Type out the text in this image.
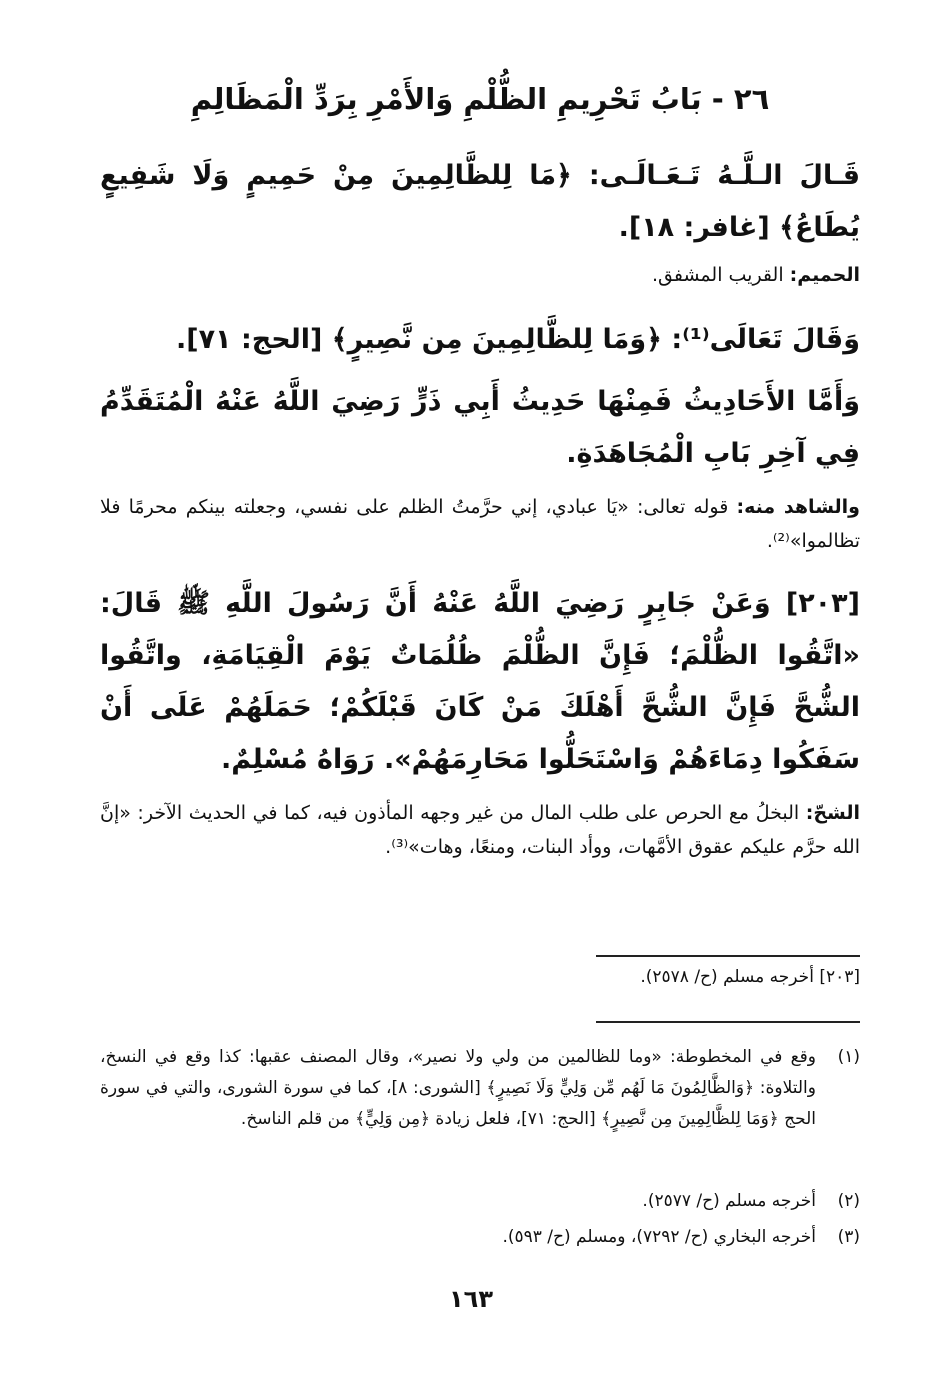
٢٦ - بَابُ تَحْرِيمِ الظُّلْمِ وَالأَمْرِ بِرَدِّ الْمَظَالِمِ

قَـالَ الـلَّـهُ تَـعَـالَـى: ﴿مَا لِلظَّالِمِينَ مِنْ حَمِيمٍ وَلَا شَفِيعٍ يُطَاعُ﴾ [غافر: ١٨].

الحميم: القريب المشفق.

وَقَالَ تَعَالَى⁽¹⁾: ﴿وَمَا لِلظَّالِمِينَ مِن نَّصِيرٍ﴾ [الحج: ٧١].

وَأَمَّا الأَحَادِيثُ فَمِنْهَا حَدِيثُ أَبِي ذَرٍّ رَضِيَ اللَّهُ عَنْهُ الْمُتَقَدِّمُ فِي آخِرِ بَابِ الْمُجَاهَدَةِ.

والشاهد منه: قوله تعالى: «يَا عبادي، إني حرَّمتُ الظلم على نفسي، وجعلته بينكم محرمًا فلا تظالموا»⁽²⁾.

[٢٠٣] وَعَنْ جَابِرٍ رَضِيَ اللَّهُ عَنْهُ أَنَّ رَسُولَ اللَّهِ ﷺ قَالَ: «اتَّقُوا الظُّلْمَ؛ فَإِنَّ الظُّلْمَ ظُلُمَاتٌ يَوْمَ الْقِيَامَةِ، واتَّقُوا الشُّحَّ فَإِنَّ الشُّحَّ أَهْلَكَ مَنْ كَانَ قَبْلَكُمْ؛ حَمَلَهُمْ عَلَى أَنْ سَفَكُوا دِمَاءَهُمْ وَاسْتَحَلُّوا مَحَارِمَهُمْ». رَوَاهُ مُسْلِمٌ.

الشحّ: البخلُ مع الحرص على طلب المال من غير وجهه المأذون فيه، كما في الحديث الآخر: «إنَّ الله حرَّم عليكم عقوق الأمَّهات، ووأد البنات، ومنعًا، وهات»⁽³⁾.

[٢٠٣] أخرجه مسلم (ح/ ٢٥٧٨).

(١)
وقع في المخطوطة: «وما للظالمين من ولي ولا نصير»، وقال المصنف عقبها: كذا وقع في النسخ، والتلاوة: ﴿وَالظَّالِمُونَ مَا لَهُم مِّن وَلِيٍّ وَلَا نَصِيرٍ﴾ [الشورى: ٨]، كما في سورة الشورى، والتي في سورة الحج ﴿وَمَا لِلظَّالِمِينَ مِن نَّصِيرٍ﴾ [الحج: ٧١]، فلعل زيادة ﴿مِن وَلِيٍّ﴾ من قلم الناسخ.
(٢)
أخرجه مسلم (ح/ ٢٥٧٧).
(٣)
أخرجه البخاري (ح/ ٧٢٩٢)، ومسلم (ح/ ٥٩٣).
١٦٣
